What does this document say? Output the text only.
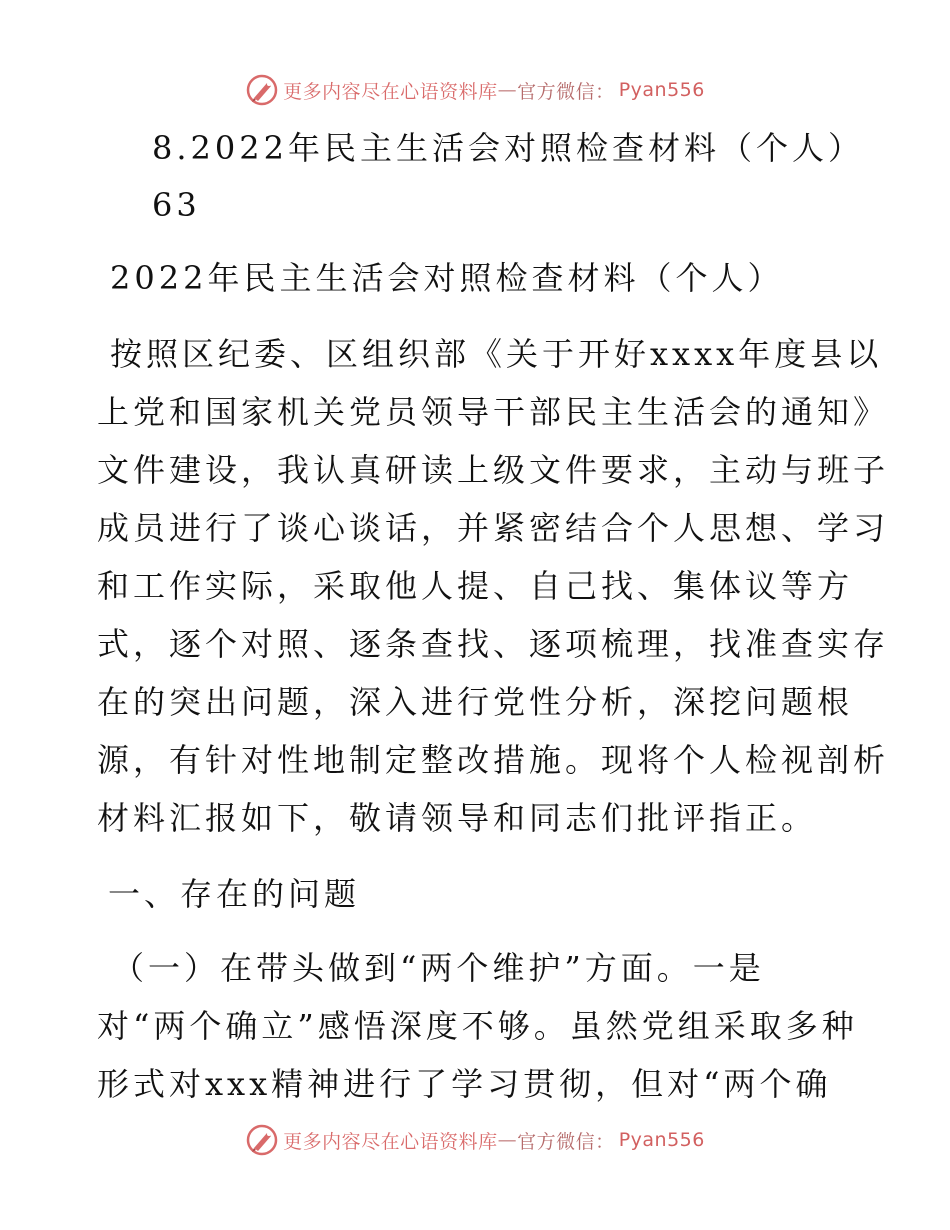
更多内容尽在心语资料库 — 官方微信： Pyan556
8.2022年民主生活会对照检查材料（个人）
63
2022年民主生活会对照检查材料（个人）
按照区纪委、区组织部《关于开好xxxx年度县以
上党和国家机关党员领导干部民主生活会的通知》
文件建设，我认真研读上级文件要求，主动与班子
成员进行了谈心谈话，并紧密结合个人思想、学习
和工作实际，采取他人提、自己找、集体议等方
式，逐个对照、逐条查找、逐项梳理，找准查实存
在的突出问题，深入进行党性分析，深挖问题根
源，有针对性地制定整改措施。现将个人检视剖析
材料汇报如下，敬请领导和同志们批评指正。
一、存在的问题
（一）在带头做到“两个维护”方面。一是
对“两个确立”感悟深度不够。虽然党组采取多种
形式对xxx精神进行了学习贯彻，但对“两个确
更多内容尽在心语资料库 — 官方微信： Pyan556
